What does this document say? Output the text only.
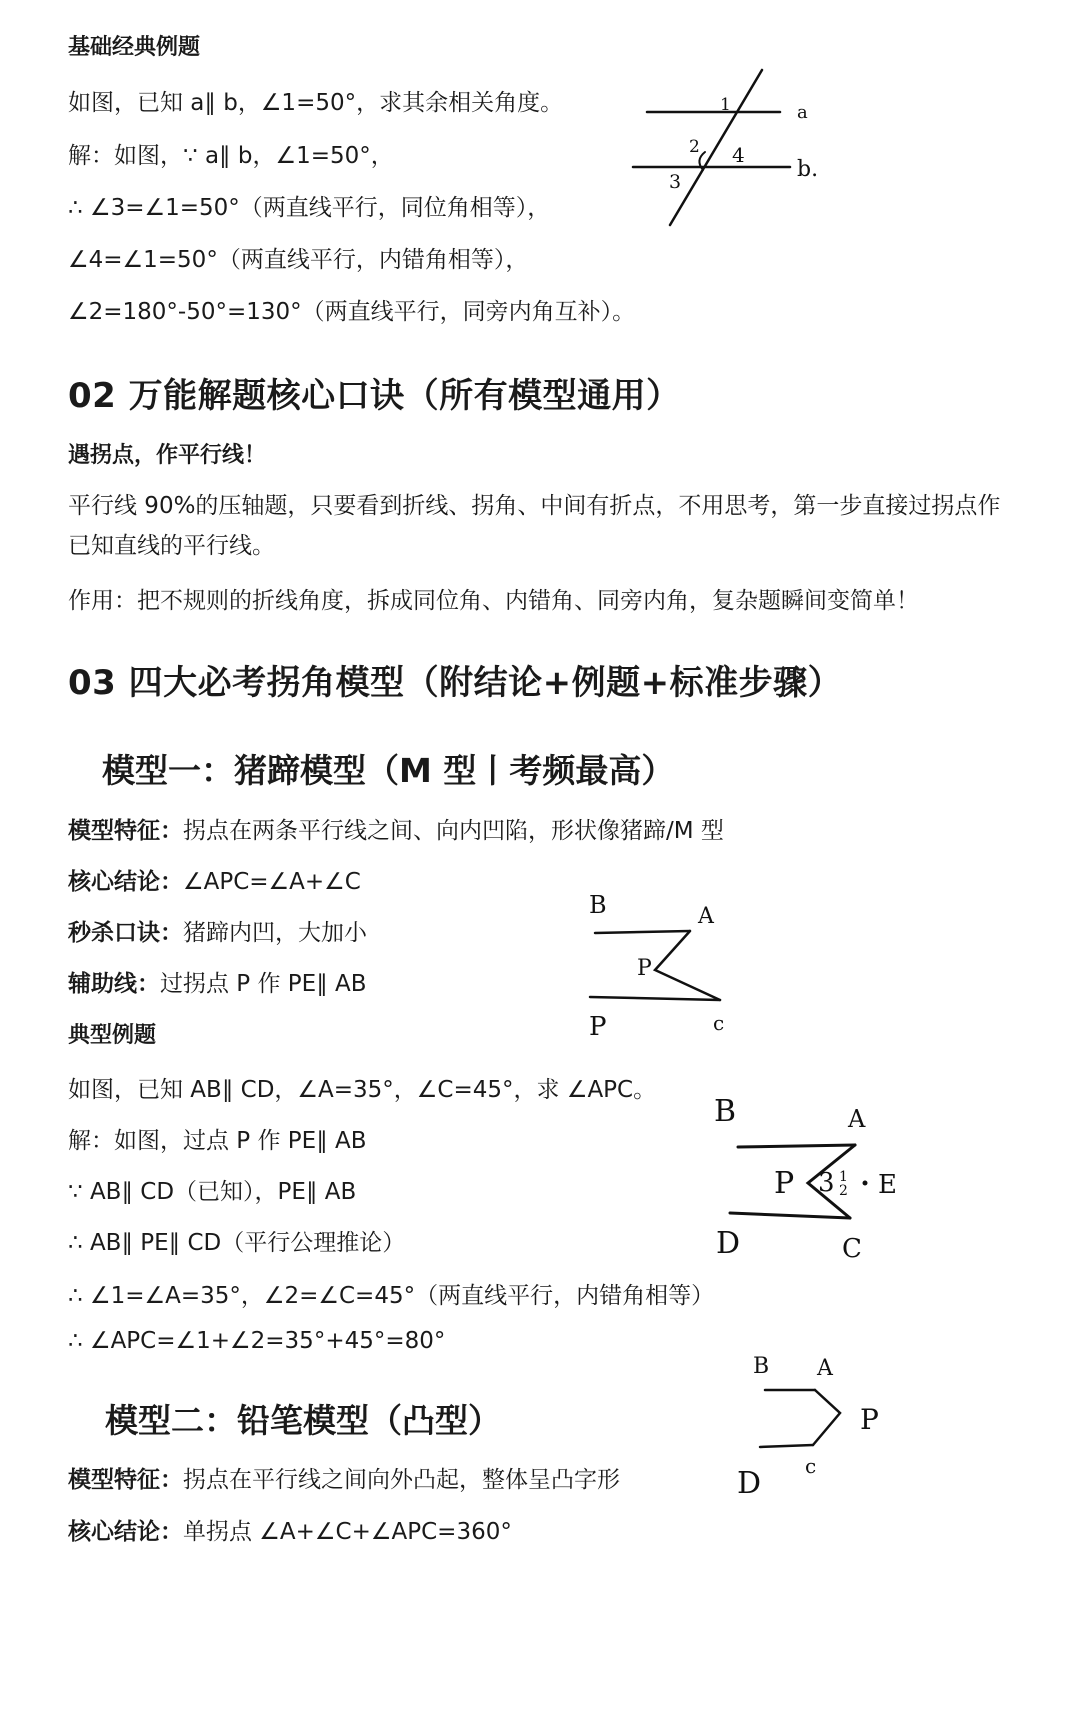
基础经典例题
如图，已知 a∥ b，∠1=50°，求其余相关角度。
解：如图，∵ a∥ b，∠1=50°，
∴ ∠3=∠1=50°（两直线平行，同位角相等），
∠4=∠1=50°（两直线平行，内错角相等），
∠2=180°-50°=130°（两直线平行，同旁内角互补）。
a
b.
1
2
3
4
02 万能解题核心口诀（所有模型通用）
遇拐点，作平行线！
平行线 90%的压轴题，只要看到折线、拐角、中间有折点，不用思考，第一步直接过拐点作已知直线的平行线。
作用：把不规则的折线角度，拆成同位角、内错角、同旁内角，复杂题瞬间变简单！
03 四大必考拐角模型（附结论+例题+标准步骤）
模型一：猪蹄模型（M 型丨考频最高）
模型特征：拐点在两条平行线之间、向内凹陷，形状像猪蹄/M 型
核心结论：∠APC=∠A+∠C
秒杀口诀：猪蹄内凹，大加小
辅助线：过拐点 P 作 PE∥ AB
典型例题
如图，已知 AB∥ CD，∠A=35°，∠C=45°，求 ∠APC。
解：如图，过点 P 作 PE∥ AB
∵ AB∥ CD（已知），PE∥ AB
∴ AB∥ PE∥ CD（平行公理推论）
∴ ∠1=∠A=35°，∠2=∠C=45°（两直线平行，内错角相等）
∴ ∠APC=∠1+∠2=35°+45°=80°
B	A
P
P	c
B	A
P 3 1
2 E
D	C
模型二：铅笔模型（凸型）
模型特征：拐点在平行线之间向外凸起，整体呈凸字形
核心结论：单拐点 ∠A+∠C+∠APC=360°
B A
P
D c
